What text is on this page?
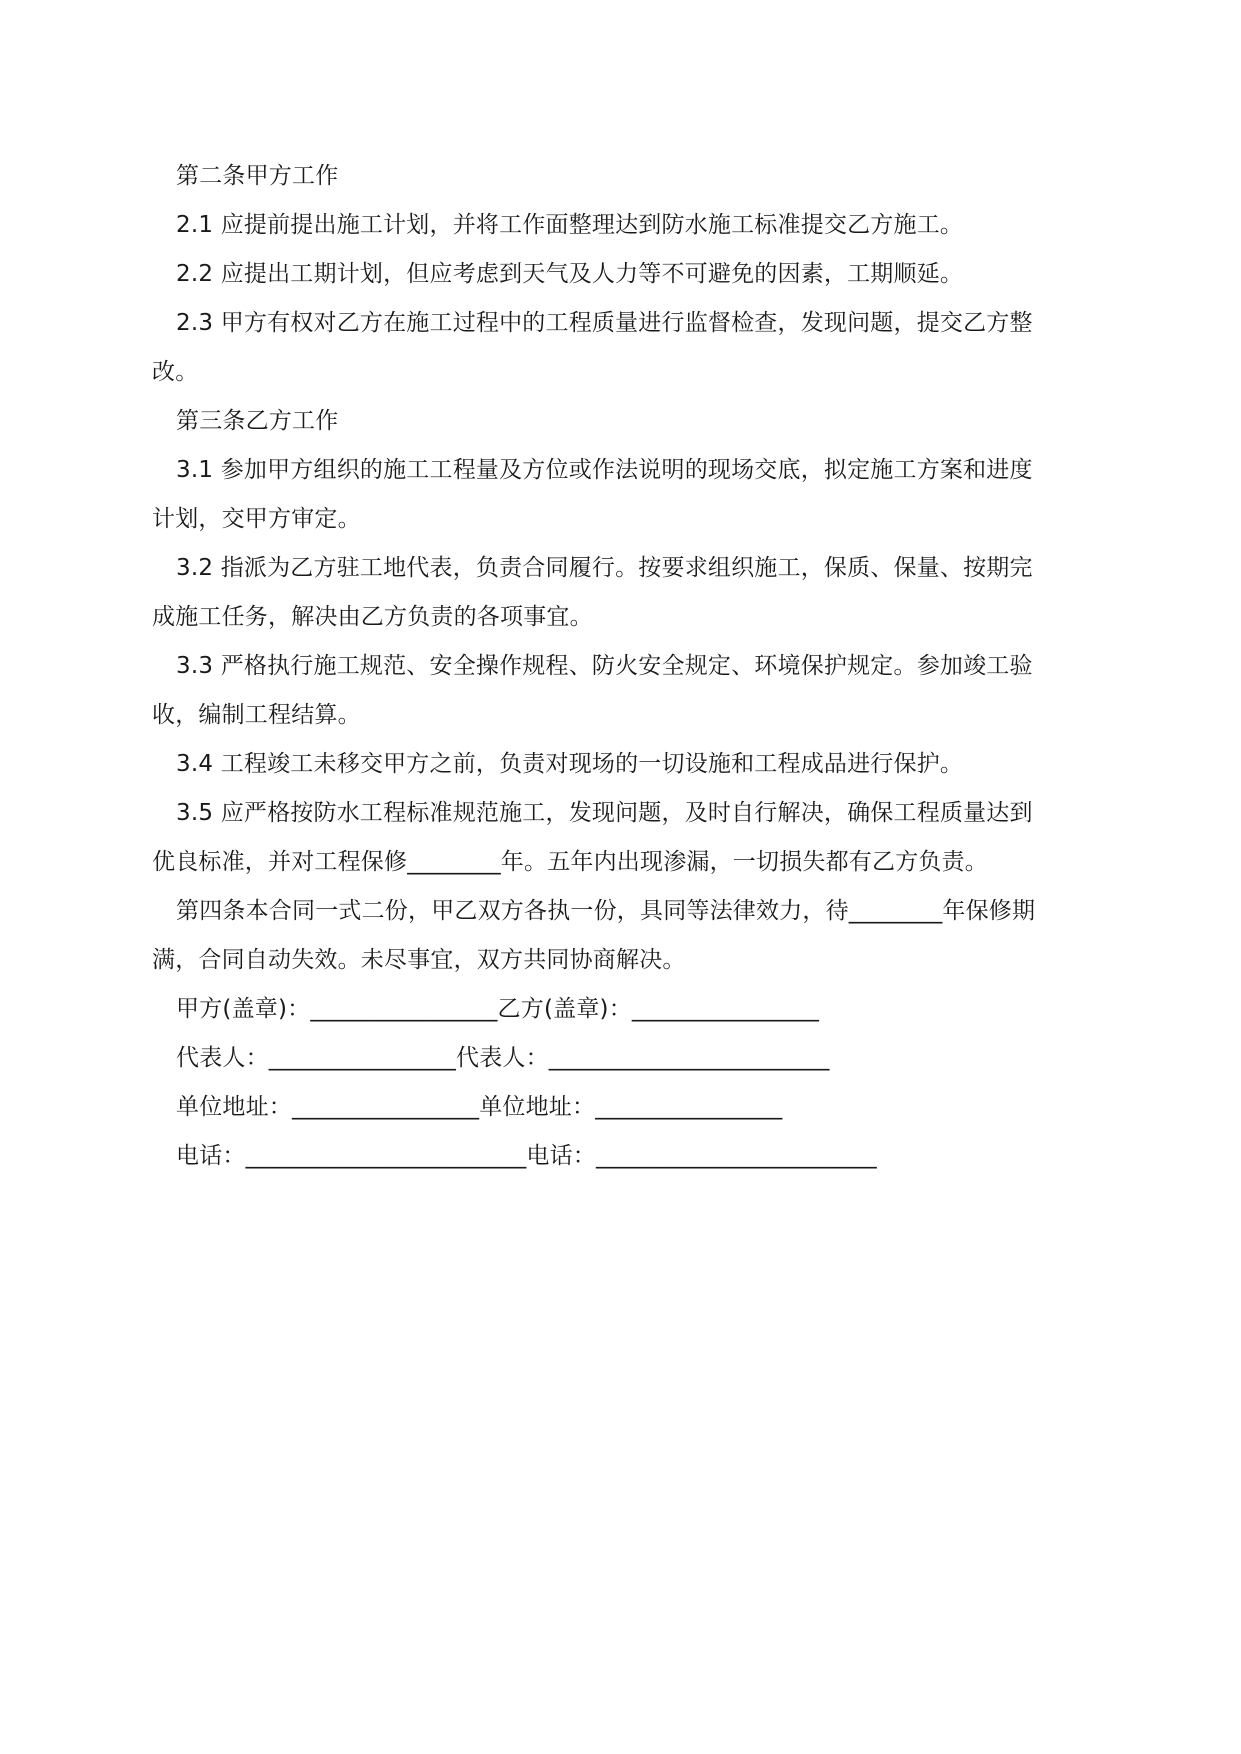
第二条甲方工作
2.1 应提前提出施工计划，并将工作面整理达到防水施工标准提交乙方施工。
2.2 应提出工期计划，但应考虑到天气及人力等不可避免的因素，工期顺延。
2.3 甲方有权对乙方在施工过程中的工程质量进行监督检查，发现问题，提交乙方整
改。
第三条乙方工作
3.1 参加甲方组织的施工工程量及方位或作法说明的现场交底，拟定施工方案和进度
计划，交甲方审定。
3.2 指派为乙方驻工地代表，负责合同履行。按要求组织施工，保质、保量、按期完
成施工任务，解决由乙方负责的各项事宜。
3.3 严格执行施工规范、安全操作规程、防火安全规定、环境保护规定。参加竣工验
收，编制工程结算。
3.4 工程竣工未移交甲方之前，负责对现场的一切设施和工程成品进行保护。
3.5 应严格按防水工程标准规范施工，发现问题，及时自行解决，确保工程质量达到
优良标准，并对工程保修________年。五年内出现渗漏，一切损失都有乙方负责。
第四条本合同一式二份，甲乙双方各执一份，具同等法律效力，待________年保修期
满，合同自动失效。未尽事宜，双方共同协商解决。
甲方(盖章)：________________乙方(盖章)：________________
代表人：________________代表人：________________________
单位地址：________________单位地址：________________
电话：________________________电话：________________________
